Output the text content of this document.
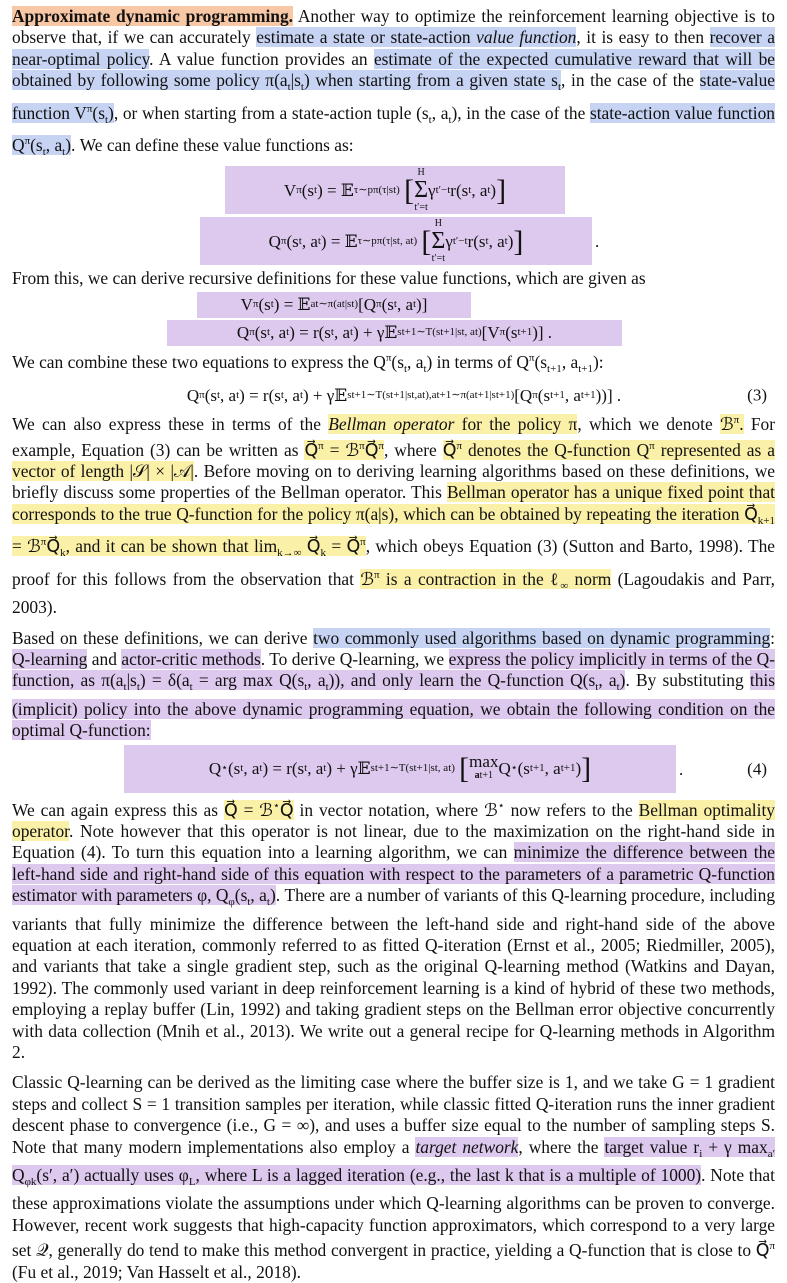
Approximate dynamic programming. Another way to optimize the reinforcement learning objective is to observe that, if we can accurately estimate a state or state-action value function, it is easy to then recover a near-optimal policy. A value function provides an estimate of the expected cumulative reward that will be obtained by following some policy $\pi(a_t|s_t)$ when starting from a given state $s_t$, in the case of the state-value function $V^\pi(s_t)$, or when starting from a state-action tuple ($s_t$, $a_t$), in the case of the state-action value function $Q^\pi(s_t$, $a_t$). We can define these value functions as:

V π (s t ) = 𝔼 τ∼pπ(τ|st)
[
H
Σ
t′=t
γ t′−t r(s t , a t ) ]
Q π (s t , a t ) = 𝔼 τ∼pπ(τ|st, at)
[
H
Σ
t′=t
γ t′−t r(s t , a t ) ]	.

From this, we can derive recursive definitions for these value functions, which are given as

V π (s t ) = 𝔼 at∼π(at|st) [Q π (s t , a t )]
Q π (s t , a t ) = r(s t , a t ) + γ𝔼 st+1∼T(st+1|st, at) [V π (s t+1 )] .

We can combine these two equations to express the $Q^\pi(s_t$, $a_t$) in terms of $Q^\pi(s_{t+1}$, $a_{t+1}$):

Q π (s t , a t ) = r(s t , a t ) + γ𝔼 st+1∼T(st+1|st,at),at+1∼π(at+1|st+1) [Q π (s t+1 , a t+1 ))] .	(3)

We can also express these in terms of the Bellman operator for the policy π, which we denote ℬ$^\pi$. For example, Equation (3) can be written as Q⃗$^\pi$ = ℬ$^\pi$Q⃗$^\pi$, where Q⃗$^\pi$ denotes the Q-function $Q^\pi$ represented as a vector of length |𝒮| × |𝒜|. Before moving on to deriving learning algorithms based on these definitions, we briefly discuss some properties of the Bellman operator. This Bellman operator has a unique fixed point that corresponds to the true Q-function for the policy π(a|s), which can be obtained by repeating the iteration $Q⃗_{k+1}$ = $ℬ^\pi Q⃗_k$, and it can be shown that $\lim_{k\to\infty}$ $Q⃗_k$ = Q⃗$^\pi$, which obeys Equation (3) (Sutton and Barto, 1998). The proof for this follows from the observation that ℬ$^\pi$ is a contraction in the ℓ$_\infty$ norm (Lagoudakis and Parr, 2003).

Based on these definitions, we can derive two commonly used algorithms based on dynamic programming: Q-learning and actor-critic methods. To derive Q-learning, we express the policy implicitly in terms of the Q-function, as $\pi(a_t|s_t) = \delta(a_t$ = arg $\max Q(s_t$, $a_t$)), and only learn the Q-function $Q(s_t$, $a_t$). By substituting this (implicit) policy into the above dynamic programming equation, we obtain the following condition on the optimal Q-function:

Q ⋆ (s t , a t ) = r(s t , a t ) + γ𝔼 st+1∼T(st+1|st, at)
[ max
at+1 Q ⋆ (s t+1 , a t+1 ) ]	.	(4)

We can again express this as Q⃗ = ℬ⋆Q⃗ in vector notation, where ℬ⋆ now refers to the Bellman optimality operator. Note however that this operator is not linear, due to the maximization on the right-hand side in Equation (4). To turn this equation into a learning algorithm, we can minimize the difference between the left-hand side and right-hand side of this equation with respect to the parameters of a parametric Q-function estimator with parameters φ, $Q_\varphi(s_t$, $a_t$). There are a number of variants of this Q-learning procedure, including variants that fully minimize the difference between the left-hand side and right-hand side of the above equation at each iteration, commonly referred to as fitted Q-iteration (Ernst et al., 2005; Riedmiller, 2005), and variants that take a single gradient step, such as the original Q-learning method (Watkins and Dayan, 1992). The commonly used variant in deep reinforcement learning is a kind of hybrid of these two methods, employing a replay buffer (Lin, 1992) and taking gradient steps on the Bellman error objective concurrently with data collection (Mnih et al., 2013). We write out a general recipe for Q-learning methods in Algorithm 2.

Classic Q-learning can be derived as the limiting case where the buffer size is 1, and we take G = 1 gradient steps and collect S = 1 transition samples per iteration, while classic fitted Q-iteration runs the inner gradient descent phase to convergence (i.e., G = ∞), and uses a buffer size equal to the number of sampling steps S. Note that many modern implementations also employ a target network, where the target value $r_i + \gamma$ $\max_{a'} Q_{\varphi k}(s'$, a′) actually uses $\varphi_L$, where L is a lagged iteration (e.g., the last k that is a multiple of 1000). Note that these approximations violate the assumptions under which Q-learning algorithms can be proven to converge. However, recent work suggests that high-capacity function approximators, which correspond to a very large set 𝒬, generally do tend to make this method convergent in practice, yielding a Q-function that is close to Q⃗$^\pi$ (Fu et al., 2019; Van Hasselt et al., 2018).
